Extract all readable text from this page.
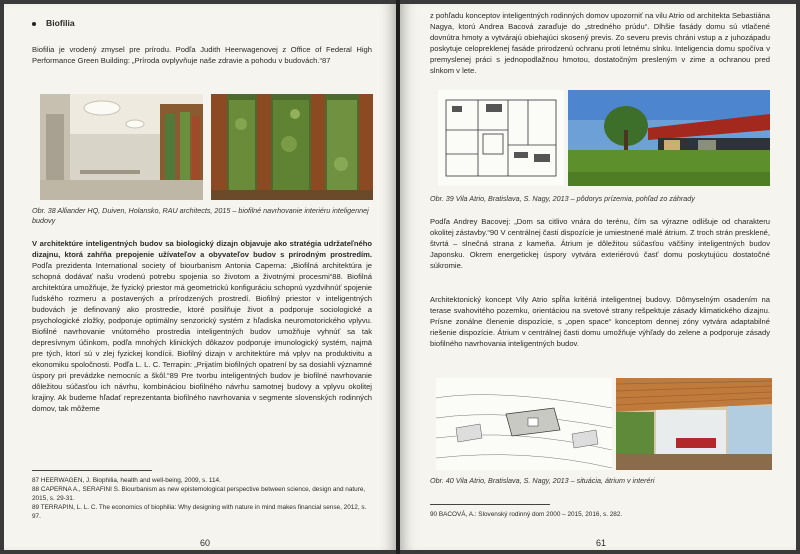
Biofilia

Biofilia je vrodený zmysel pre prírodu. Podľa Judith Heerwagenovej z Office of Federal High Performance Green Building: „Príroda ovplyvňuje naše zdravie a pohodu v budovách.“87

Obr. 38 Allіander HQ, Duiven, Holansko, RAU architects, 2015 – biofilné navrhovanie interiéru inteligennej budovy

V architektúre inteligentných budov sa biologický dizajn objavuje ako stratégia udržateľného dizajnu, ktorá zahŕňa prepojenie užívateľov a obyvateľov budov s prírodným prostredím. Podľa prezidenta International society of biourbanism Antonia Caperna: „Biofilná architektúra je schopná dodávať našu vrodenú potrebu spojenia so životom a životnými procesmi“88. Biofilná architektúra umožňuje, že fyzický priestor má geometrickú konfiguráciu schopnú vyzdvihnúť spojenie ľudského rozmeru a postavených a prírodzených prostredí. Biofilný priestor v inteligentných budovách je definovaný ako prostredie, ktoré posilňuje život a podporuje sociologické a psychologické zložky, podporuje optimálny senzorický systém z hľadiska neuromotorického vplyvu. Biofilné navrhovanie vnútorného prostredia inteligentných budov umožňuje vyhnúť sa tak depresívnym účinkom, podľa mnohých klinických dôkazov podporuje imunologický systém, najmä pre tých, ktorí sú v zlej fyzickej kondícii. Biofilný dizajn v architektúre má vplyv na produktivitu a ekonomiku spoločnosti. Podľa L. L. C. Terrapin: „Prijatím biofilných opatrení by sa dosiahli významné úspory pri prevádzke nemocníc a škôl.“89 Pre tvorbu inteligentných budov je biofilné navrhovanie dôležitou súčasťou ich návrhu, kombináciou biofilného návrhu samotnej budovy a vplyvu okolitej krajiny. Ak budeme hľadať reprezentanta biofilného navrhovania v segmente slovenských rodinných domov, tak môžeme

87 HEERWAGEN, J. Biophilia, health and well-being, 2009, s. 114.

88 CAPERNA A., SERAFINI S. Biourbanism as new epistemological perspective between science, design and nature, 2015, s. 29-31.

89 TERRAPIN, L. L. C. The economics of biophilia: Why designing with nature in mind makes financial sense, 2012, s. 97.

60

z pohľadu konceptov inteligentných rodinných domov upozorniť na vilu Atrio od architekta Sebastiána Nagya, ktorú Andrea Bacová zaraďuje do „stredného prúdu“. Dlhšie fasády domu sú vtlačené dovnútra hmoty a vytvárajú obiehajúci skosený previs. Zo severu previs chráni vstup a z juhozápadu poskytuje celopreklenej fasáde prirodzenú ochranu proti letnému slnku. Inteligencia domu spočíva v premyslenej práci s jednopodlažnou hmotou, dostatočným presleným v zime a ochranou pred slnkom v lete.

Obr. 39 Vila Atrio, Bratislava, S. Nagy, 2013 – pôdorys prízemia, pohľad zo záhrady

Podľa Andrey Bacovej: „Dom sa citlivo vnára do terénu, čím sa výrazne odlišuje od charakteru okolitej zástavby.“90 V centrálnej časti dispozície je umiestnené malé átrium. Z troch strán presklené, štvrtá – slnečná strana z kameňa. Átrium je dôležitou súčasťou väčšiny inteligentných budov Japonsku. Okrem energetickej úspory vytvára exteriérovú časť domu poskytujúcu dostatočné súkromie.

Architektonický koncept Vily Atrio spĺňa kritériá inteligentnej budovy. Dômyselným osadením na terase svahovitého pozemku, orientáciou na svetové strany rešpektuje zásady klimatického dizajnu. Prísne zonálne členenie dispozície, s „open space“ konceptom dennej zóny vytvára adaptabilné riešenie dispozície. Átrium v centrálnej časti domu umožňuje výhľady do zelene a podporuje zásady biofilného navrhovania inteligentných budov.

Obr. 40 Vila Atrio, Bratislava, S. Nagy, 2013 – situácia, átrium v interéri

90 BACOVÁ, A.: Slovenský rodinný dom 2000 – 2015, 2016, s. 282.

61
